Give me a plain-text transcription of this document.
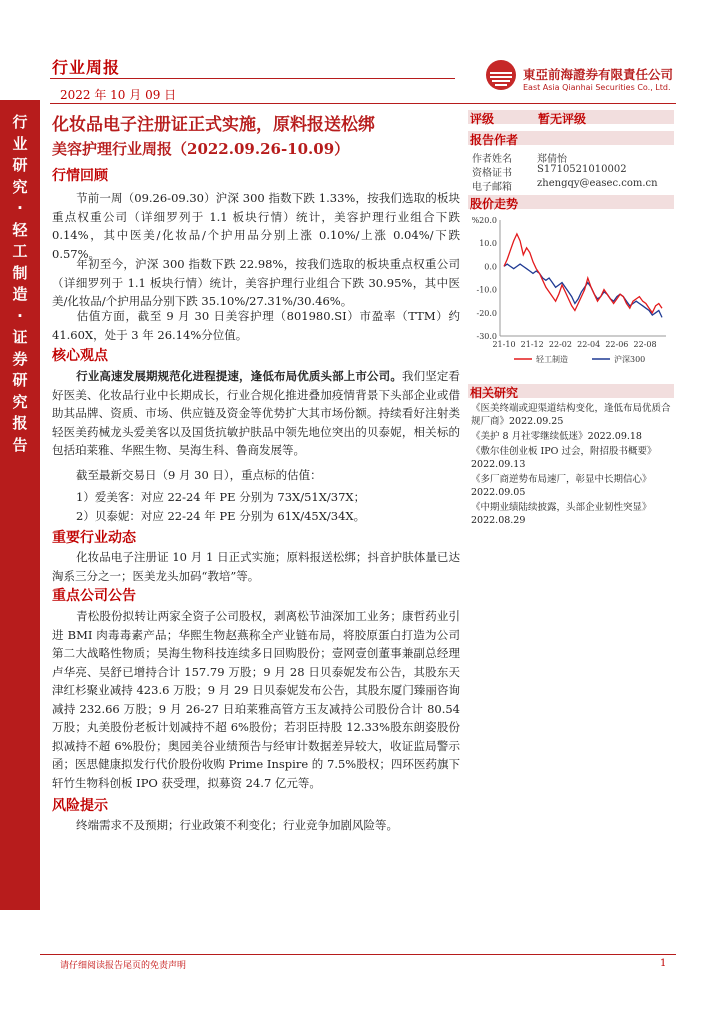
行业周报
2022 年 10 月 09 日
東亞前海證券有限責任公司
East Asia Qianhai Securities Co., Ltd.
行
业
研
究
·
轻
工
制
造
·
证
券
研
究
报
告
化妆品电子注册证正式实施，原料报送松绑
美容护理行业周报（2022.09.26-10.09）
行情回顾

节前一周（09.26-09.30）沪深 300 指数下跌 1.33%，按我们选取的板块重点权重公司（详细罗列于 1.1 板块行情）统计，美容护理行业组合下跌 0.14%，其中医美/化妆品/个护用品分别上涨 0.10%/上涨 0.04%/下跌 0.57%。

年初至今，沪深 300 指数下跌 22.98%，按我们选取的板块重点权重公司（详细罗列于 1.1 板块行情）统计，美容护理行业组合下跌 30.95%，其中医美/化妆品/个护用品分别下跌 35.10%/27.31%/30.46%。

估值方面，截至 9 月 30 日美容护理（801980.SI）市盈率（TTM）约 41.60X，处于 3 年 26.14%分位值。

核心观点

行业高速发展期规范化进程提速，逢低布局优质头部上市公司。我们坚定看好医美、化妆品行业中长期成长，行业合规化推进叠加疫情背景下头部企业或借助其品牌、资质、市场、供应链及资金等优势扩大其市场份额。持续看好注射类轻医美药械龙头爱美客以及国货抗敏护肤品中领先地位突出的贝泰妮，相关标的包括珀莱雅、华熙生物、昊海生科、鲁商发展等。

截至最新交易日（9 月 30 日），重点标的估值：

1）爱美客：对应 22-24 年 PE 分别为 73X/51X/37X；

2）贝泰妮：对应 22-24 年 PE 分别为 61X/45X/34X。

重要行业动态

化妆品电子注册证 10 月 1 日正式实施；原料报送松绑；抖音护肤体量已达淘系三分之一；医美龙头加码“教培”等。

重点公司公告

青松股份拟转让两家全资子公司股权，剥离松节油深加工业务；康哲药业引进 BMI 肉毒毒素产品；华熙生物赵燕称全产业链布局，将胶原蛋白打造为公司第二大战略性物质；昊海生物科技连续多日回购股份；壹网壹创董事兼副总经理卢华亮、吴舒已增持合计 157.79 万股；9 月 28 日贝泰妮发布公告，其股东天津红杉聚业减持 423.6 万股；9 月 29 日贝泰妮发布公告，其股东厦门臻丽咨询减持 232.66 万股；9 月 26-27 日珀莱雅高管方玉友减持公司股份合计 80.54 万股；丸美股份老板计划减持不超 6%股份；若羽臣持股 12.33%股东朗姿股份拟减持不超 6%股份；奥园美谷业绩预告与经审计数据差异较大，收证监局警示函；医思健康拟发行代价股份收购 Prime Inspire 的 7.5%股权；四环医药旗下轩竹生物科创板 IPO 获受理，拟募资 24.7 亿元等。

风险提示

终端需求不及预期；行业政策不利变化；行业竞争加剧风险等。

评级	暂无评级
报告作者
作者姓名	郑倩怡
资格证书	S1710521010002
电子邮箱	zhengqy@easec.com.cn
股价走势
%20.0
10.0
0.0
-10.0
-20.0
-30.0
21-10 21-12 22-02 22-04 22-06 22-08
轻工制造	沪深300
相关研究

《医美终端或迎渠道结构变化，逢低布局优质合规厂商》2022.09.25

《美护 8 月社零继续低迷》2022.09.18

《敷尔佳创业板 IPO 过会，附招股书概要》2022.09.13

《多厂商逆势布局速厂，彰显中长期信心》2022.09.05

《中期业绩陆续披露，头部企业韧性突显》2022.08.29

请仔细阅读报告尾页的免责声明	1
